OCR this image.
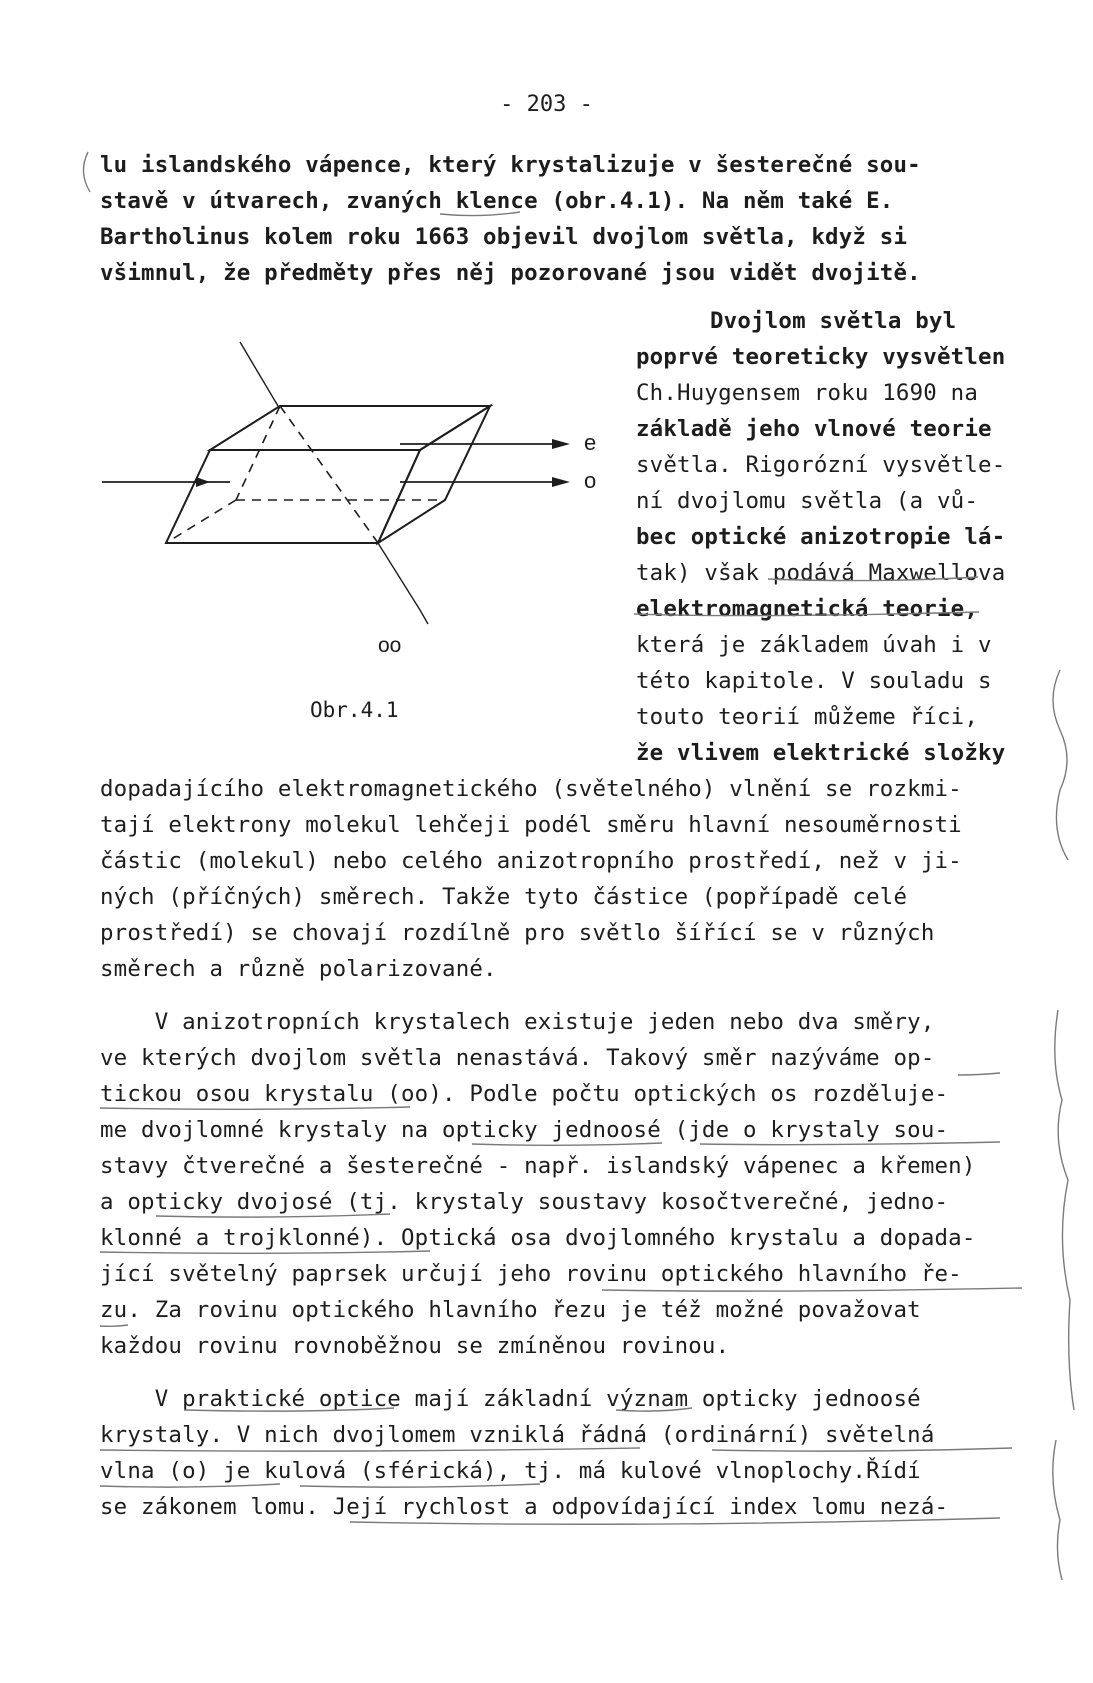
- 203 -
lu islandského vápence, který krystalizuje v šesterečné sou-
stavě v útvarech, zvaných klence (obr.4.1). Na něm také E.
Bartholinus kolem roku 1663 objevil dvojlom světla, když si
všimnul, že předměty přes něj pozorované jsou vidět dvojitě.
Dvojlom světla byl
poprvé teoreticky vysvětlen
Ch.Huygensem roku 1690 na
základě jeho vlnové teorie
světla. Rigorózní vysvětle-
ní dvojlomu světla (a vů-
bec optické anizotropie lá-
tak) však podává Maxwellova
elektromagnetická teorie,
která je základem úvah i v
této kapitole. V souladu s
touto teorií můžeme říci,
že vlivem elektrické složky
e
o
oo
Obr.4.1
dopadajícího elektromagnetického (světelného) vlnění se rozkmi-
tají elektrony molekul lehčeji podél směru hlavní nesouměrnosti
částic (molekul) nebo celého anizotropního prostředí, než v ji-
ných (příčných) směrech. Takže tyto částice (popřípadě celé
prostředí) se chovají rozdílně pro světlo šířící se v různých
směrech a různě polarizované.
V anizotropních krystalech existuje jeden nebo dva směry,
ve kterých dvojlom světla nenastává. Takový směr nazýváme op-
tickou osou krystalu (oo). Podle počtu optických os rozděluje-
me dvojlomné krystaly na opticky jednoosé (jde o krystaly sou-
stavy čtverečné a šesterečné - např. islandský vápenec a křemen)
a opticky dvojosé (tj. krystaly soustavy kosočtverečné, jedno-
klonné a trojklonné). Optická osa dvojlomného krystalu a dopada-
jící světelný paprsek určují jeho rovinu optického hlavního ře-
zu. Za rovinu optického hlavního řezu je též možné považovat
každou rovinu rovnoběžnou se zmíněnou rovinou.
V praktické optice mají základní význam opticky jednoosé
krystaly. V nich dvojlomem vzniklá řádná (ordinární) světelná
vlna (o) je kulová (sférická), tj. má kulové vlnoplochy.Řídí
se zákonem lomu. Její rychlost a odpovídající index lomu nezá-
